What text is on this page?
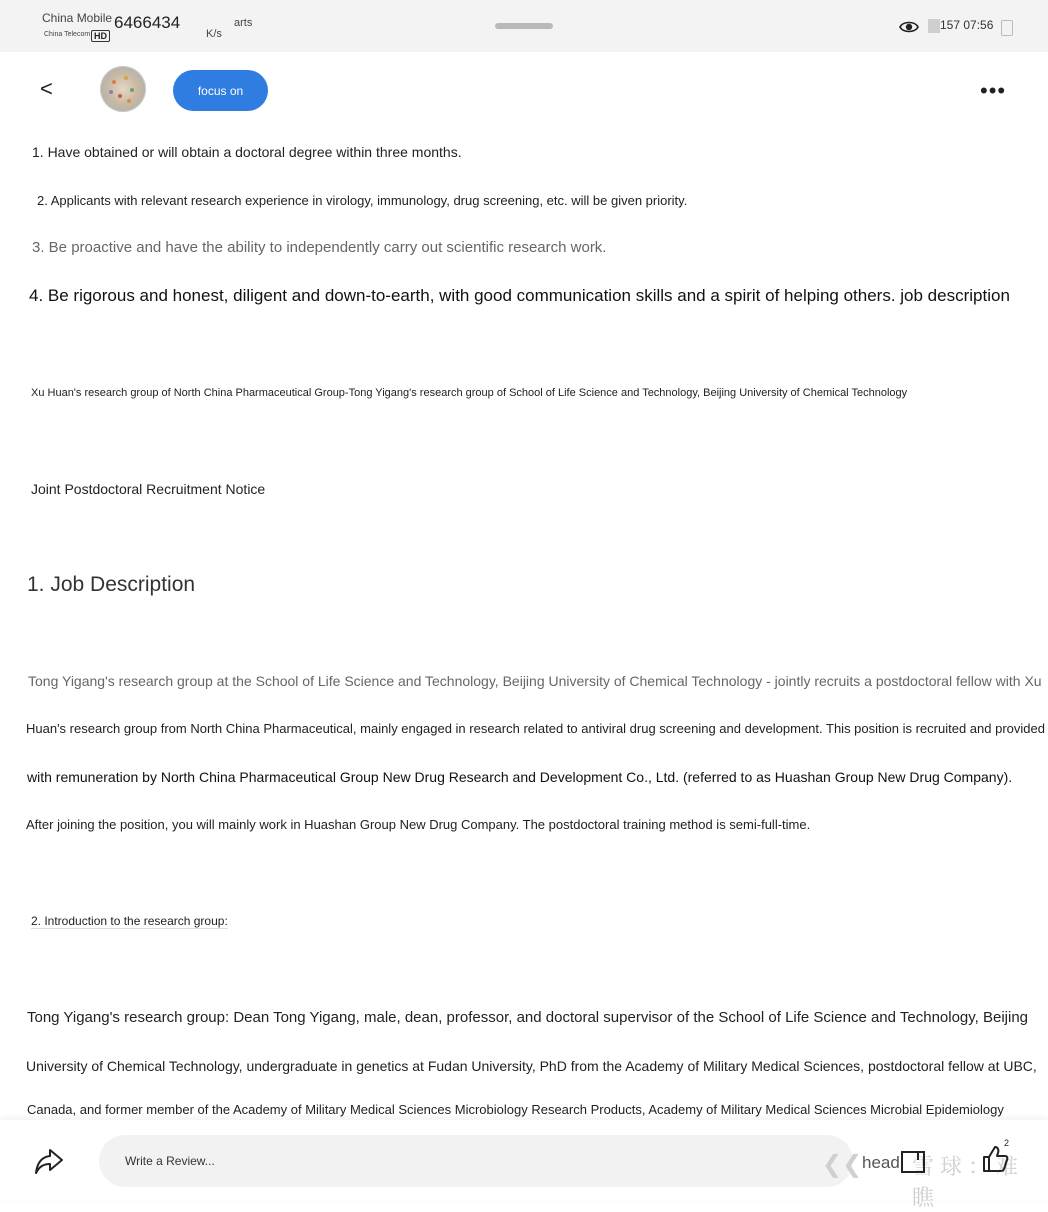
China Mobile
China Telecom HD
6466434	arts
K/s
157 07:56
<	focus on	•••
1. Have obtained or will obtain a doctoral degree within three months.
2. Applicants with relevant research experience in virology, immunology, drug screening, etc. will be given priority.
3. Be proactive and have the ability to independently carry out scientific research work.
4. Be rigorous and honest, diligent and down-to-earth, with good communication skills and a spirit of helping others. job description
Xu Huan's research group of North China Pharmaceutical Group-Tong Yigang's research group of School of Life Science and Technology, Beijing University of Chemical Technology
Joint Postdoctoral Recruitment Notice
1. Job Description
Tong Yigang's research group at the School of Life Science and Technology, Beijing University of Chemical Technology - jointly recruits a postdoctoral fellow with Xu
Huan's research group from North China Pharmaceutical, mainly engaged in research related to antiviral drug screening and development. This position is recruited and provided
with remuneration by North China Pharmaceutical Group New Drug Research and Development Co., Ltd. (referred to as Huashan Group New Drug Company).
After joining the position, you will mainly work in Huashan Group New Drug Company. The postdoctoral training method is semi-full-time.
2. Introduction to the research group:
Tong Yigang's research group: Dean Tong Yigang, male, dean, professor, and doctoral supervisor of the School of Life Science and Technology, Beijing
University of Chemical Technology, undergraduate in genetics at Fudan University, PhD from the Academy of Military Medical Sciences, postdoctoral fellow at UBC,
Canada, and former member of the Academy of Military Medical Sciences Microbiology Research Products, Academy of Military Medical Sciences Microbial Epidemiology
Write a Review...
❮❮ head 雪球：难瞧
2
